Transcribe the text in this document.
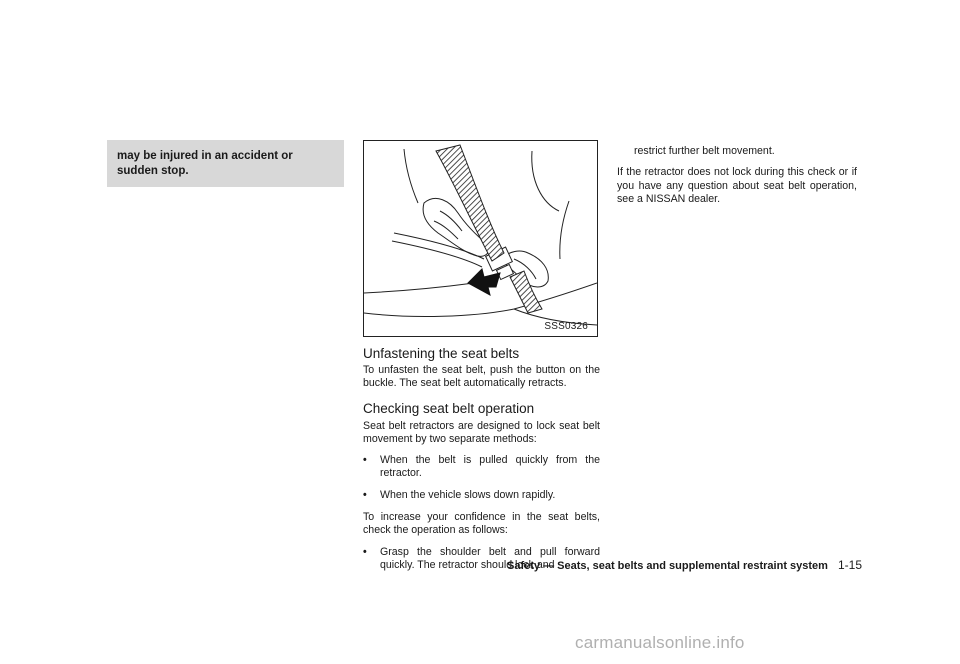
may be injured in an accident or sudden stop.
SSS0326
Unfastening the seat belts

To unfasten the seat belt, push the button on the buckle. The seat belt automatically retracts.

Checking seat belt operation

Seat belt retractors are designed to lock seat belt movement by two separate methods:

• When the belt is pulled quickly from the retractor.
• When the vehicle slows down rapidly.

To increase your confidence in the seat belts, check the operation as follows:

• Grasp the shoulder belt and pull forward quickly. The retractor should lock and

restrict further belt movement.

If the retractor does not lock during this check or if you have any question about seat belt operation, see a NISSAN dealer.

Safety — Seats, seat belts and supplemental restraint system 1-15
carmanualsonline.info
